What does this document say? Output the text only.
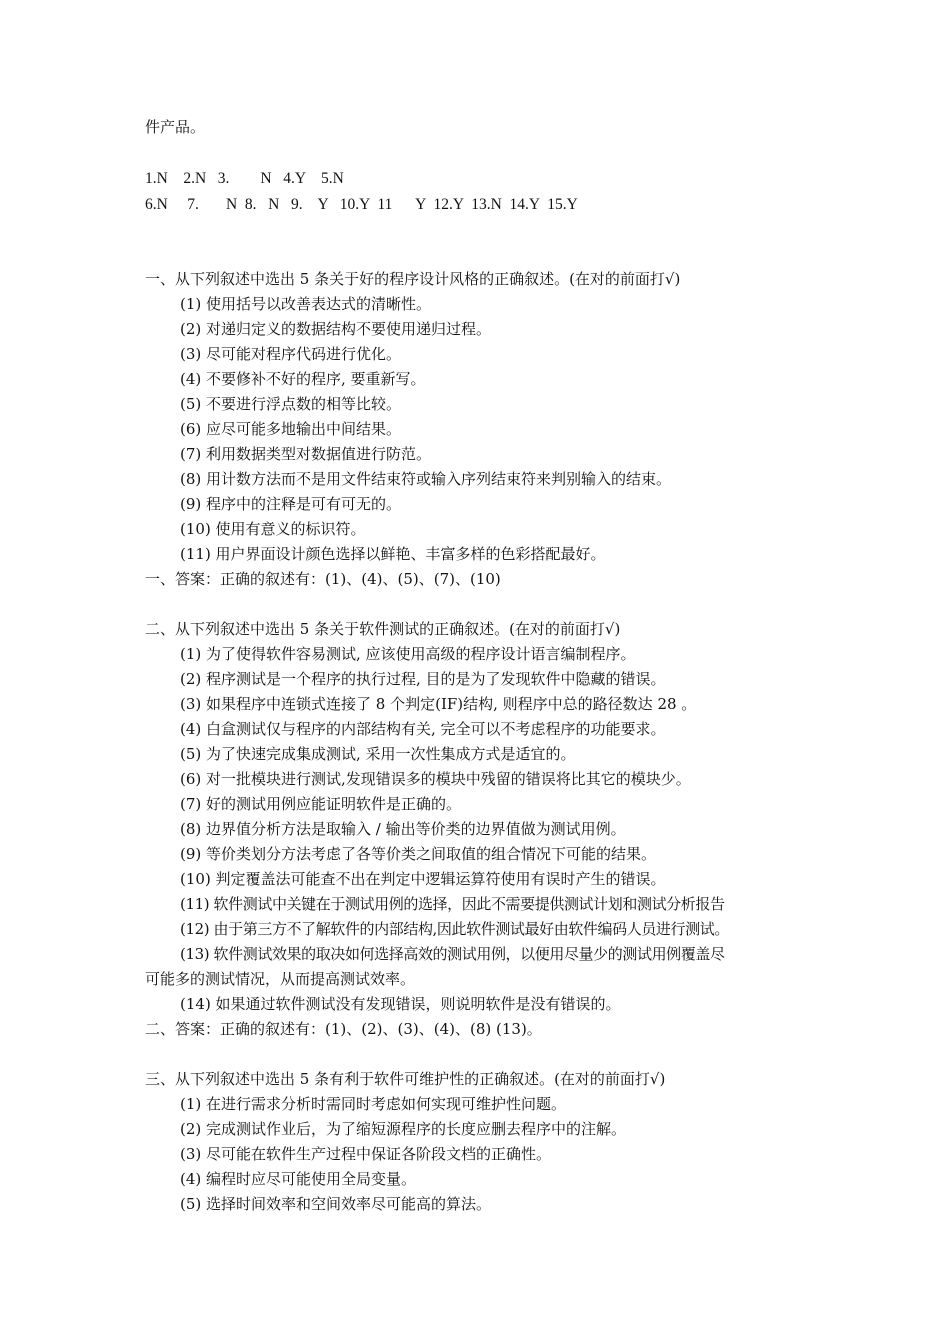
件产品。
1.N    2.N   3.        N   4.Y    5.N
6.N     7.       N  8.   N   9.    Y   10.Y  11      Y  12.Y  13.N  14.Y  15.Y
一、从下列叙述中选出 5 条关于好的程序设计风格的正确叙述。(在对的前面打√)
(1) 使用括号以改善表达式的清晰性。
(2) 对递归定义的数据结构不要使用递归过程。
(3) 尽可能对程序代码进行优化。
(4) 不要修补不好的程序, 要重新写。
(5) 不要进行浮点数的相等比较。
(6) 应尽可能多地输出中间结果。
(7) 利用数据类型对数据值进行防范。
(8) 用计数方法而不是用文件结束符或输入序列结束符来判别输入的结束。
(9) 程序中的注释是可有可无的。
(10) 使用有意义的标识符。
(11) 用户界面设计颜色选择以鲜艳、丰富多样的色彩搭配最好。
一、答案：正确的叙述有：(1)、(4)、(5)、(7)、(10)
二、从下列叙述中选出 5 条关于软件测试的正确叙述。(在对的前面打√)
(1) 为了使得软件容易测试, 应该使用高级的程序设计语言编制程序。
(2) 程序测试是一个程序的执行过程, 目的是为了发现软件中隐藏的错误。
(3) 如果程序中连锁式连接了 8 个判定(IF)结构, 则程序中总的路径数达 28 。
(4) 白盒测试仅与程序的内部结构有关, 完全可以不考虑程序的功能要求。
(5) 为了快速完成集成测试, 采用一次性集成方式是适宜的。
(6) 对一批模块进行测试,发现错误多的模块中残留的错误将比其它的模块少。
(7) 好的测试用例应能证明软件是正确的。
(8) 边界值分析方法是取输入 / 输出等价类的边界值做为测试用例。
(9) 等价类划分方法考虑了各等价类之间取值的组合情况下可能的结果。
(10) 判定覆盖法可能查不出在判定中逻辑运算符使用有误时产生的错误。
(11) 软件测试中关键在于测试用例的选择，因此不需要提供测试计划和测试分析报告
(12) 由于第三方不了解软件的内部结构,因此软件测试最好由软件编码人员进行测试。
(13) 软件测试效果的取决如何选择高效的测试用例，以便用尽量少的测试用例覆盖尽
可能多的测试情况，从而提高测试效率。
(14) 如果通过软件测试没有发现错误，则说明软件是没有错误的。
二、答案：正确的叙述有：(1)、(2)、(3)、(4)、(8) (13)。
三、从下列叙述中选出 5 条有利于软件可维护性的正确叙述。(在对的前面打√)
(1) 在进行需求分析时需同时考虑如何实现可维护性问题。
(2) 完成测试作业后，为了缩短源程序的长度应删去程序中的注解。
(3) 尽可能在软件生产过程中保证各阶段文档的正确性。
(4) 编程时应尽可能使用全局变量。
(5) 选择时间效率和空间效率尽可能高的算法。
